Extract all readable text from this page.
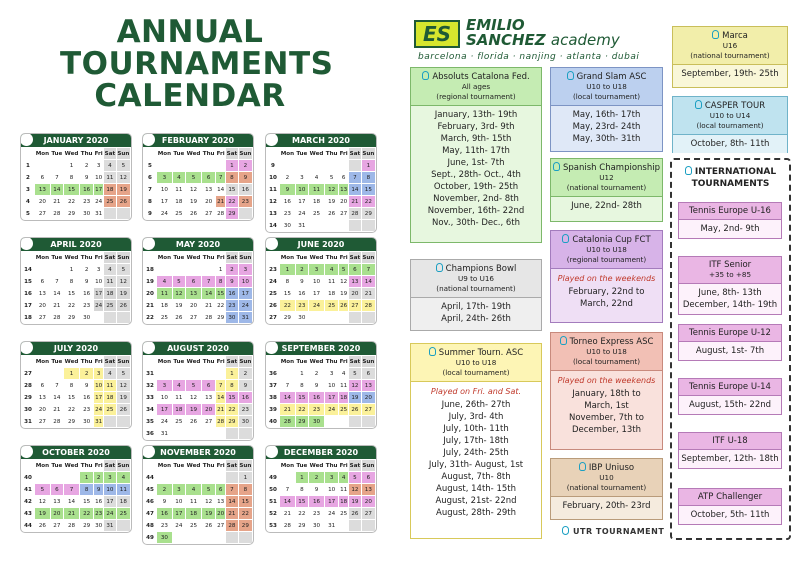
ANNUAL
TOURNAMENTS
CALENDAR
JANUARY 2020
	Mon	Tue	Wed	Thu	Fri	Sat	Sun
1			1	2	3	4	5
2	6	7	8	9	10	11	12
3	13	14	15	16	17	18	19
4	20	21	22	23	24	25	26
5	27	28	29	30	31		
FEBRUARY 2020
	Mon	Tue	Wed	Thu	Fri	Sat	Sun
5						1	2
6	3	4	5	6	7	8	9
7	10	11	12	13	14	15	16
8	17	18	19	20	21	22	23
9	24	25	26	27	28	29	
MARCH 2020
	Mon	Tue	Wed	Thu	Fri	Sat	Sun
9							1
10	2	3	4	5	6	7	8
11	9	10	11	12	13	14	15
12	16	17	18	19	20	21	22
13	23	24	25	26	27	28	29
14	30	31					
APRIL 2020
	Mon	Tue	Wed	Thu	Fri	Sat	Sun
14			1	2	3	4	5
15	6	7	8	9	10	11	12
16	13	14	15	16	17	18	19
17	20	21	22	23	24	25	26
18	27	28	29	30			
MAY 2020
	Mon	Tue	Wed	Thu	Fri	Sat	Sun
18					1	2	3
19	4	5	6	7	8	9	10
20	11	12	13	14	15	16	17
21	18	19	20	21	22	23	24
22	25	26	27	28	29	30	31
JUNE 2020
	Mon	Tue	Wed	Thu	Fri	Sat	Sun
23	1	2	3	4	5	6	7
24	8	9	10	11	12	13	14
25	15	16	17	18	19	20	21
26	22	23	24	25	26	27	28
27	29	30					
JULY 2020
	Mon	Tue	Wed	Thu	Fri	Sat	Sun
27			1	2	3	4	5
28	6	7	8	9	10	11	12
29	13	14	15	16	17	18	19
30	20	21	22	23	24	25	26
31	27	28	29	30	31		
AUGUST 2020
	Mon	Tue	Wed	Thu	Fri	Sat	Sun
31						1	2
32	3	4	5	6	7	8	9
33	10	11	12	13	14	15	16
34	17	18	19	20	21	22	23
35	24	25	26	27	28	29	30
36	31						
SEPTEMBER 2020
	Mon	Tue	Wed	Thu	Fri	Sat	Sun
36		1	2	3	4	5	6
37	7	8	9	10	11	12	13
38	14	15	16	17	18	19	20
39	21	22	23	24	25	26	27
40	28	29	30				
OCTOBER 2020
	Mon	Tue	Wed	Thu	Fri	Sat	Sun
40				1	2	3	4
41	5	6	7	8	9	10	11
42	12	13	14	15	16	17	18
43	19	20	21	22	23	24	25
44	26	27	28	29	30	31	
NOVEMBER 2020
	Mon	Tue	Wed	Thu	Fri	Sat	Sun
44							1
45	2	3	4	5	6	7	8
46	9	10	11	12	13	14	15
47	16	17	18	19	20	21	22
48	23	24	25	26	27	28	29
49	30						
DECEMBER 2020
	Mon	Tue	Wed	Thu	Fri	Sat	Sun
49		1	2	3	4	5	6
50	7	8	9	10	11	12	13
51	14	15	16	17	18	19	20
52	21	22	23	24	25	26	27
53	28	29	30	31			
ES EMILIO
SANCHEZ academy
barcelona · florida · nanjing · atlanta · dubai
Absoluts Catalona Fed.
All ages
(regional tournament)
January, 13th- 19th
February, 3rd- 9th
March, 9th- 15th
May, 11th- 17th
June, 1st- 7th
Sept., 28th- Oct., 4th
October, 19th- 25th
November, 2nd- 8th
November, 16th- 22nd
Nov., 30th- Dec., 6th
Champions Bowl
U9 to U16
(national tournament)
April, 17th- 19th
April, 24th- 26th
Summer Tourn. ASC
U10 to U18
(local tournament)
Played on Fri. and Sat.
June, 26th- 27th
July, 3rd- 4th
July, 10th- 11th
July, 17th- 18th
July, 24th- 25th
July, 31th- August, 1st
August, 7th- 8th
August, 14th- 15th
August, 21st- 22nd
August, 28th- 29th
Grand Slam ASC
U10 to U18
(local tournament)
May, 16th- 17th
May, 23rd- 24th
May, 30th- 31th
Spanish Championship
U12
(national tournament)
June, 22nd- 28th
Catalonia Cup FCT
U10 to U18
(regional tournament)
Played on the weekends
February, 22nd to
March, 22nd
Torneo Express ASC
U10 to U18
(local tournament)
Played on the weekends
January, 18th to
March, 1st
November, 7th to
December, 13th
IBP Uniuso
U10
(national tournament)
February, 20th- 23rd
Marca
U16
(national tournament)
September, 19th- 25th
CASPER TOUR
U10 to U14
(local tournament)
October, 8th- 11th
INTERNATIONAL
TOURNAMENTS
Tennis Europe U-16
May, 2nd- 9th
ITF Senior
+35 to +85
June, 8th- 13th
December, 14th- 19th
Tennis Europe U-12
August, 1st- 7th
Tennis Europe U-14
August, 15th- 22nd
ITF U-18
September, 12th- 18th
ATP Challenger
October, 5th- 11th
UTR TOURNAMENT
